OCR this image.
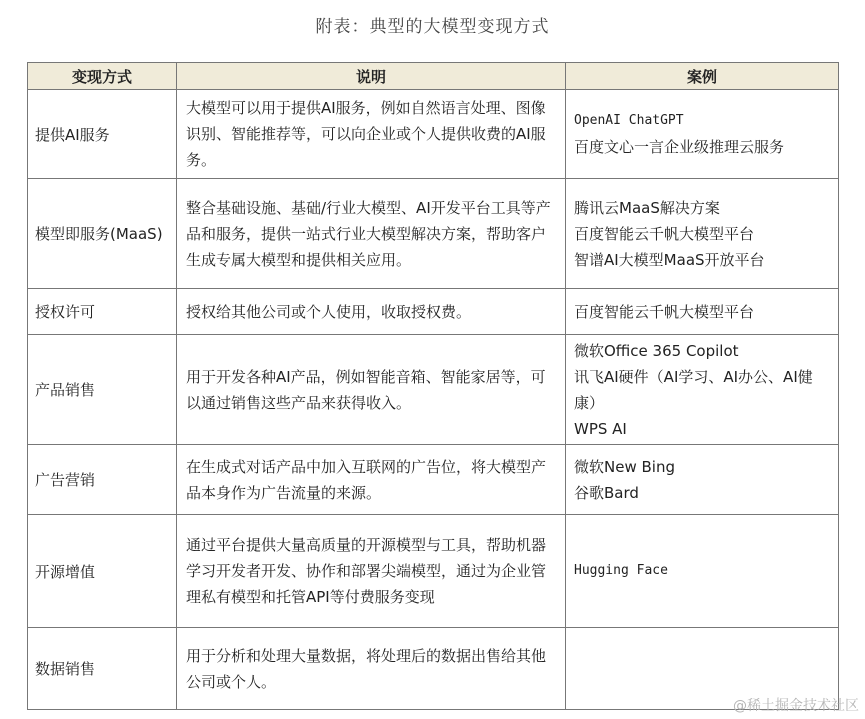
附表：典型的大模型变现方式
变现方式	说明	案例
提供AI服务	大模型可以用于提供AI服务，例如自然语言处理、图像识别、智能推荐等，可以向企业或个人提供收费的AI服务。	OpenAI ChatGPT
百度文心一言企业级推理云服务

模型即服务(MaaS)	整合基础设施、基础/行业大模型、AI开发平台工具等产品和服务，提供一站式行业大模型解决方案，帮助客户生成专属大模型和提供相关应用。	腾讯云MaaS解决方案
百度智能云千帆大模型平台
智谱AI大模型MaaS开放平台

授权许可	授权给其他公司或个人使用，收取授权费。	百度智能云千帆大模型平台

产品销售	用于开发各种AI产品，例如智能音箱、智能家居等，可以通过销售这些产品来获得收入。	微软Office 365 Copilot
讯飞AI硬件（AI学习、AI办公、AI健康）
WPS AI

广告营销	在生成式对话产品中加入互联网的广告位，将大模型产品本身作为广告流量的来源。	微软New Bing
谷歌Bard

开源增值	通过平台提供大量高质量的开源模型与工具，帮助机器学习开发者开发、协作和部署尖端模型，通过为企业管理私有模型和托管API等付费服务变现	Hugging Face

数据销售	用于分析和处理大量数据，将处理后的数据出售给其他公司或个人。	
@稀土掘金技术社区
